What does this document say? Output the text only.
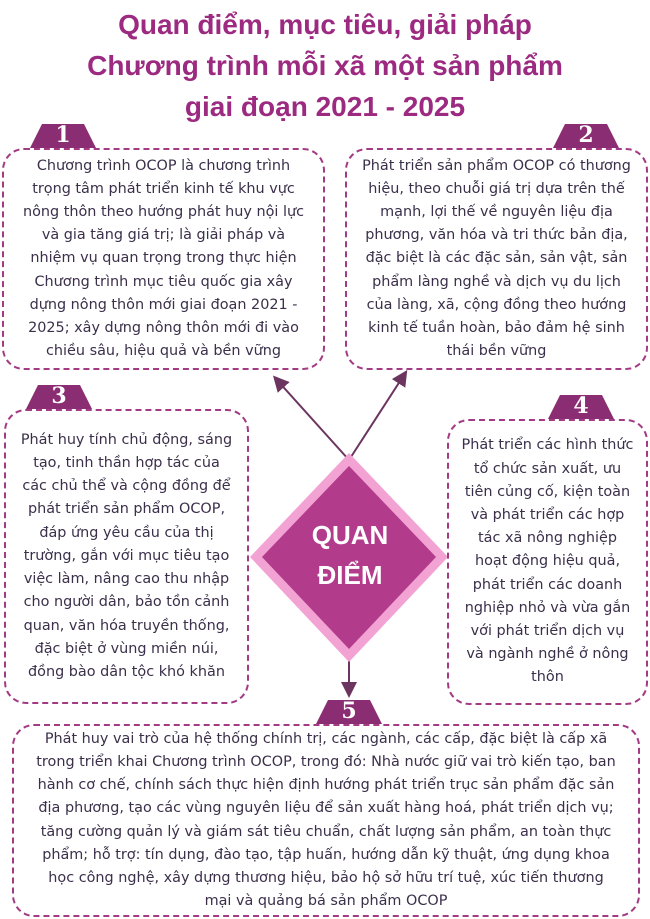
Quan điểm, mục tiêu, giải pháp
Chương trình mỗi xã một sản phẩm
giai đoạn 2021 - 2025
QUAN
ĐIỂM
1	2
3	4
5

Chương trình OCOP là chương trình trọng tâm phát triển kinh tế khu vực nông thôn theo hướng phát huy nội lực và gia tăng giá trị; là giải pháp và nhiệm vụ quan trọng trong thực hiện Chương trình mục tiêu quốc gia xây dựng nông thôn mới giai đoạn 2021 - 2025; xây dựng nông thôn mới đi vào chiều sâu, hiệu quả và bền vững

Phát triển sản phẩm OCOP có thương hiệu, theo chuỗi giá trị dựa trên thế mạnh, lợi thế về nguyên liệu địa phương, văn hóa và tri thức bản địa, đặc biệt là các đặc sản, sản vật, sản phẩm làng nghề và dịch vụ du lịch của làng, xã, cộng đồng theo hướng kinh tế tuần hoàn, bảo đảm hệ sinh thái bền vững

Phát huy tính chủ động, sáng tạo, tinh thần hợp tác của các chủ thể và cộng đồng để phát triển sản phẩm OCOP, đáp ứng yêu cầu của thị trường, gắn với mục tiêu tạo việc làm, nâng cao thu nhập cho người dân, bảo tồn cảnh quan, văn hóa truyền thống, đặc biệt ở vùng miền núi, đồng bào dân tộc khó khăn

Phát triển các hình thức tổ chức sản xuất, ưu tiên củng cố, kiện toàn và phát triển các hợp tác xã nông nghiệp hoạt động hiệu quả, phát triển các doanh nghiệp nhỏ và vừa gắn với phát triển dịch vụ và ngành nghề ở nông thôn

Phát huy vai trò của hệ thống chính trị, các ngành, các cấp, đặc biệt là cấp xã trong triển khai Chương trình OCOP, trong đó: Nhà nước giữ vai trò kiến tạo, ban hành cơ chế, chính sách thực hiện định hướng phát triển trục sản phẩm đặc sản địa phương, tạo các vùng nguyên liệu để sản xuất hàng hoá, phát triển dịch vụ; tăng cường quản lý và giám sát tiêu chuẩn, chất lượng sản phẩm, an toàn thực phẩm; hỗ trợ: tín dụng, đào tạo, tập huấn, hướng dẫn kỹ thuật, ứng dụng khoa học công nghệ, xây dựng thương hiệu, bảo hộ sở hữu trí tuệ, xúc tiến thương mại và quảng bá sản phẩm OCOP
